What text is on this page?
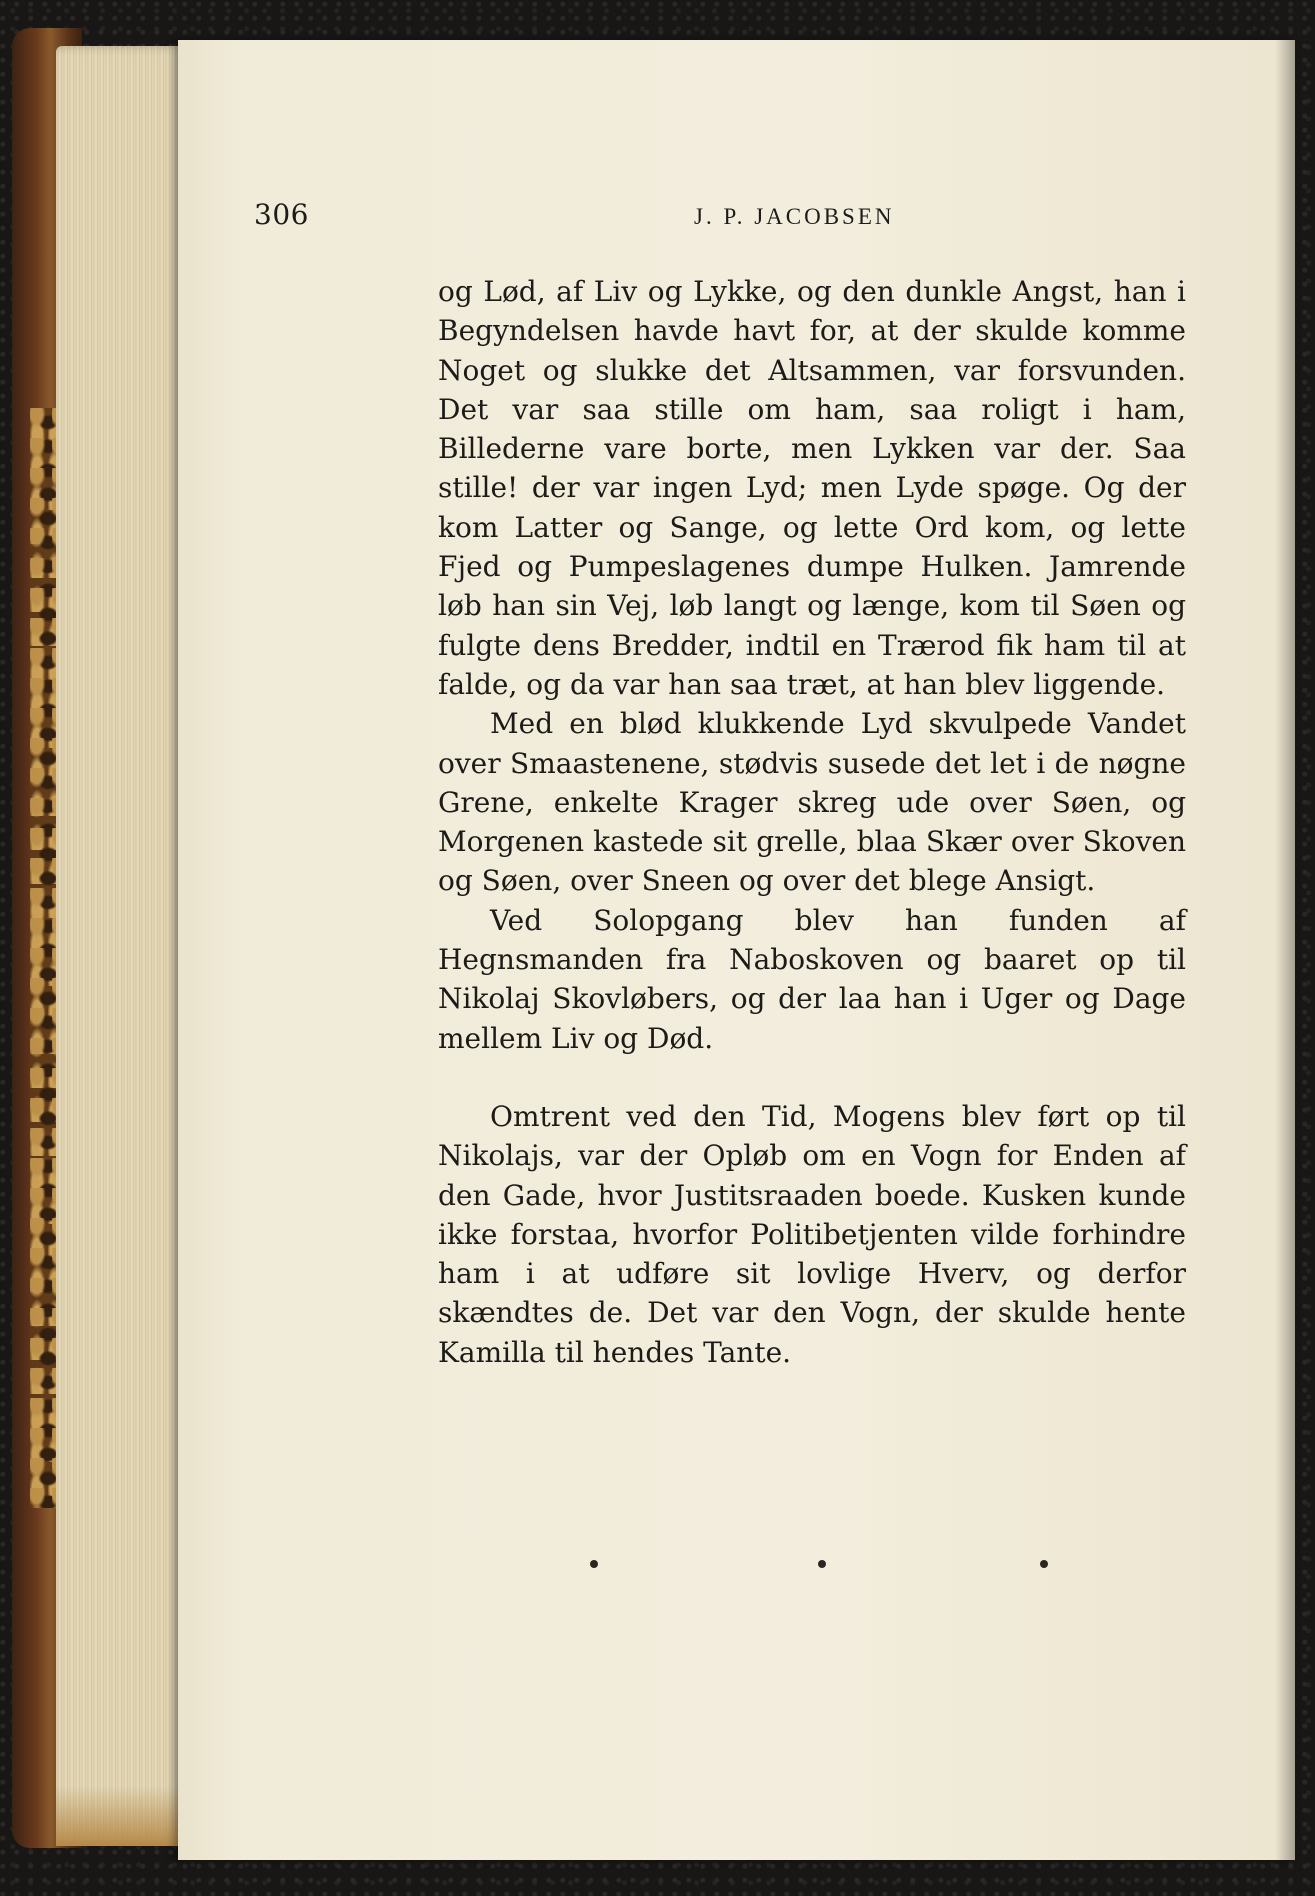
306	J. P. JACOBSEN

og Lød, af Liv og Lykke, og den dunkle Angst, han i Begyndelsen havde havt for, at der skulde komme Noget og slukke det Altsammen, var forsvunden. Det var saa stille om ham, saa roligt i ham, Billederne vare borte, men Lykken var der. Saa stille! der var ingen Lyd; men Lyde spøge. Og der kom Latter og Sange, og lette Ord kom, og lette Fjed og Pumpeslagenes dumpe Hulken. Jamrende løb han sin Vej, løb langt og længe, kom til Søen og fulgte dens Bredder, indtil en Trærod fik ham til at falde, og da var han saa træt, at han blev liggende.

Med en blød klukkende Lyd skvulpede Vandet over Smaastenene, stødvis susede det let i de nøgne Grene, enkelte Krager skreg ude over Søen, og Morgenen kastede sit grelle, blaa Skær over Skoven og Søen, over Sneen og over det blege Ansigt.

Ved Solopgang blev han funden af Hegnsmanden fra Naboskoven og baaret op til Nikolaj Skovløbers, og der laa han i Uger og Dage mellem Liv og Død.

Omtrent ved den Tid, Mogens blev ført op til Nikolajs, var der Opløb om en Vogn for Enden af den Gade, hvor Justitsraaden boede. Kusken kunde ikke forstaa, hvorfor Politibetjenten vilde forhindre ham i at udføre sit lovlige Hverv, og derfor skændtes de. Det var den Vogn, der skulde hente Kamilla til hendes Tante.
